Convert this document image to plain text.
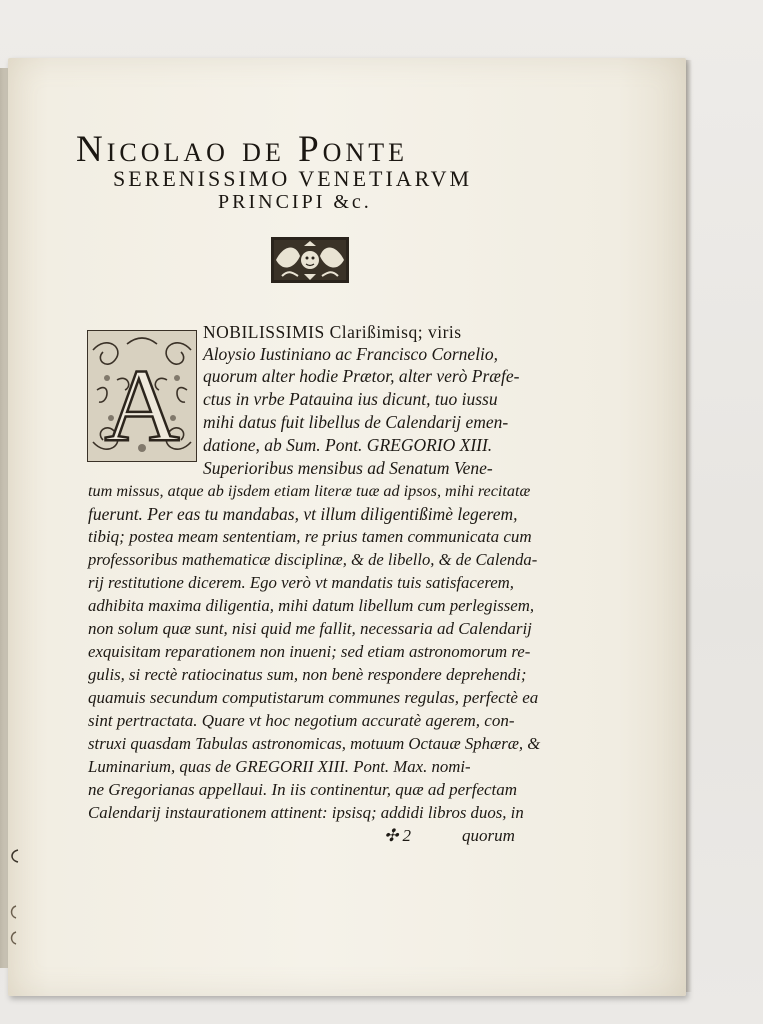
Nicolao de Ponte
SERENISSIMO VENETIARVM
PRINCIPI &c.
A
NOBILISSIMIS Clarißimisq; viris
Aloysio Iustiniano ac Francisco Cornelio,
quorum alter hodie Prætor, alter verò Præfe-
ctus in vrbe Patauina ius dicunt, tuo iussu
mihi datus fuit libellus de Calendarij emen-
datione, ab Sum. Pont. GREGORIO XIII.
Superioribus mensibus ad Senatum Vene-
tum missus, atque ab ijsdem etiam literæ tuæ ad ipsos, mihi recitatæ
fuerunt. Per eas tu mandabas, vt illum diligentißimè legerem,
tibiq; postea meam sententiam, re prius tamen communicata cum
professoribus mathematicæ disciplinæ, & de libello, & de Calenda-
rij restitutione dicerem. Ego verò vt mandatis tuis satisfacerem,
adhibita maxima diligentia, mihi datum libellum cum perlegissem,
non solum quæ sunt, nisi quid me fallit, necessaria ad Calendarij
exquisitam reparationem non inueni; sed etiam astronomorum re-
gulis, si rectè ratiocinatus sum, non benè respondere deprehendi;
quamuis secundum computistarum communes regulas, perfectè ea
sint pertractata. Quare vt hoc negotium accuratè agerem, con-
struxi quasdam Tabulas astronomicas, motuum Octauæ Sphæræ, &
Luminarium, quas de GREGORII XIII. Pont. Max. nomi-
ne Gregorianas appellaui. In iis continentur, quæ ad perfectam
Calendarij instaurationem attinent: ipsisq; addidi libros duos, in
✣ 2	quorum
